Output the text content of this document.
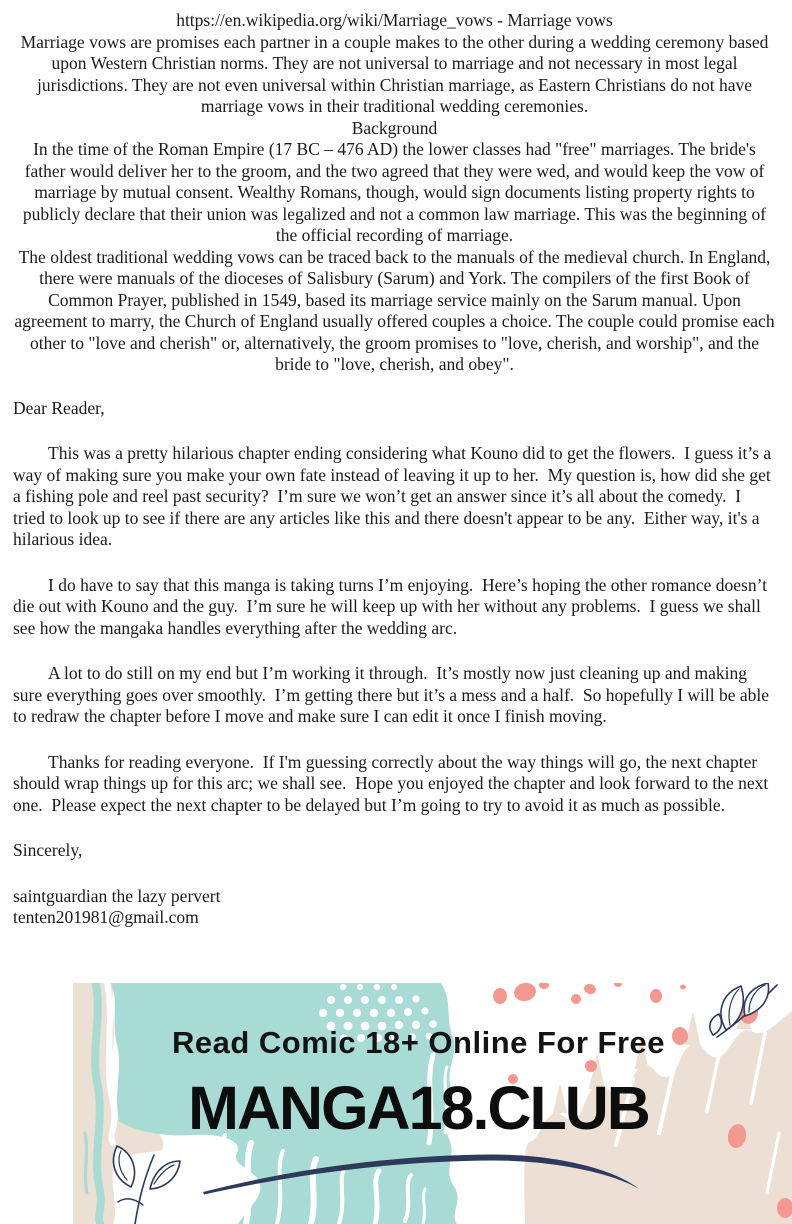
https://en.wikipedia.org/wiki/Marriage_vows - Marriage vows

Marriage vows are promises each partner in a couple makes to the other during a wedding ceremony based upon Western Christian norms. They are not universal to marriage and not necessary in most legal jurisdictions. They are not even universal within Christian marriage, as Eastern Christians do not have marriage vows in their traditional wedding ceremonies.

Background

In the time of the Roman Empire (17 BC – 476 AD) the lower classes had "free" marriages. The bride's father would deliver her to the groom, and the two agreed that they were wed, and would keep the vow of marriage by mutual consent. Wealthy Romans, though, would sign documents listing property rights to publicly declare that their union was legalized and not a common law marriage. This was the beginning of the official recording of marriage.

The oldest traditional wedding vows can be traced back to the manuals of the medieval church. In England, there were manuals of the dioceses of Salisbury (Sarum) and York. The compilers of the first Book of Common Prayer, published in 1549, based its marriage service mainly on the Sarum manual. Upon agreement to marry, the Church of England usually offered couples a choice. The couple could promise each other to "love and cherish" or, alternatively, the groom promises to "love, cherish, and worship", and the bride to "love, cherish, and obey".

Dear Reader,

This was a pretty hilarious chapter ending considering what Kouno did to get the flowers.  I guess it’s a way of making sure you make your own fate instead of leaving it up to her.  My question is, how did she get a fishing pole and reel past security?  I’m sure we won’t get an answer since it’s all about the comedy.  I tried to look up to see if there are any articles like this and there doesn't appear to be any.  Either way, it's a hilarious idea.

I do have to say that this manga is taking turns I’m enjoying.  Here’s hoping the other romance doesn’t die out with Kouno and the guy.  I’m sure he will keep up with her without any problems.  I guess we shall see how the mangaka handles everything after the wedding arc.

A lot to do still on my end but I’m working it through.  It’s mostly now just cleaning up and making sure everything goes over smoothly.  I’m getting there but it’s a mess and a half.  So hopefully I will be able to redraw the chapter before I move and make sure I can edit it once I finish moving.

Thanks for reading everyone.  If I'm guessing correctly about the way things will go, the next chapter should wrap things up for this arc; we shall see.  Hope you enjoyed the chapter and look forward to the next one.  Please expect the next chapter to be delayed but I’m going to try to avoid it as much as possible.

Sincerely,

saintguardian the lazy pervert

tenten201981@gmail.com

Read Comic 18+ Online For Free
MANGA18.CLUB
